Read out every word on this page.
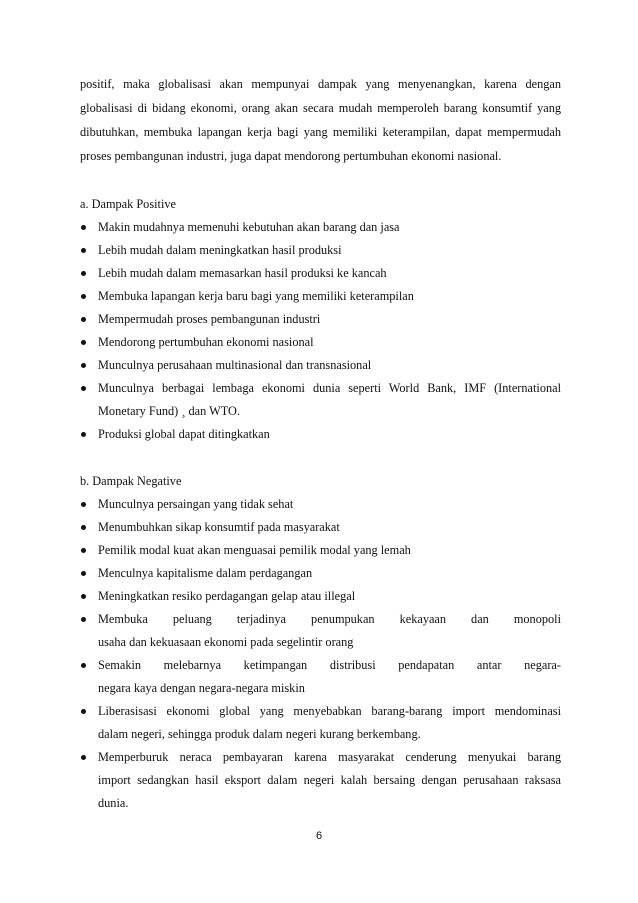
positif, maka globalisasi akan mempunyai dampak yang menyenangkan, karena dengan

globalisasi di bidang ekonomi, orang akan secara mudah memperoleh barang konsumtif yang

dibutuhkan, membuka lapangan kerja bagi yang memiliki keterampilan, dapat mempermudah

proses pembangunan industri, juga dapat mendorong pertumbuhan ekonomi nasional.

a. Dampak Positive

Makin mudahnya memenuhi kebutuhan akan barang dan jasa
Lebih mudah dalam meningkatkan hasil produksi
Lebih mudah dalam memasarkan hasil produksi ke kancah
Membuka lapangan kerja baru bagi yang memiliki keterampilan
Mempermudah proses pembangunan industri
Mendorong pertumbuhan ekonomi nasional
Munculnya perusahaan multinasional dan transnasional
Munculnya berbagai lembaga ekonomi dunia seperti World Bank, IMF (International
Monetary Fund) ¸ dan WTO.
Produksi global dapat ditingkatkan

b. Dampak Negative

Munculnya persaingan yang tidak sehat
Menumbuhkan sikap konsumtif pada masyarakat
Pemilik modal kuat akan menguasai pemilik modal yang lemah
Menculnya kapitalisme dalam perdagangan
Meningkatkan resiko perdagangan gelap atau illegal
Membuka peluang terjadinya penumpukan kekayaan dan monopoli
usaha dan kekuasaan ekonomi pada segelintir orang
Semakin melebarnya ketimpangan distribusi pendapatan antar negara-
negara kaya dengan negara-negara miskin
Liberasisasi ekonomi global yang menyebabkan barang-barang import mendominasi
dalam negeri, sehingga produk dalam negeri kurang berkembang.
Memperburuk neraca pembayaran karena masyarakat cenderung menyukai barang
import sedangkan hasil eksport dalam negeri kalah bersaing dengan perusahaan raksasa
dunia.
6
